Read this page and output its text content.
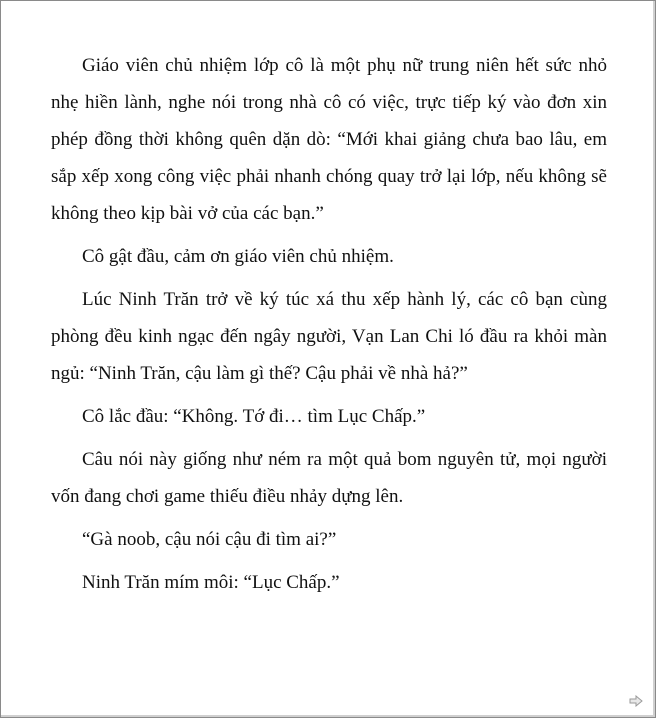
Giáo viên chủ nhiệm lớp cô là một phụ nữ trung niên hết sức nhỏ nhẹ hiền lành, nghe nói trong nhà cô có việc, trực tiếp ký vào đơn xin phép đồng thời không quên dặn dò: “Mới khai giảng chưa bao lâu, em sắp xếp xong công việc phải nhanh chóng quay trở lại lớp, nếu không sẽ không theo kịp bài vở của các bạn.”

Cô gật đầu, cảm ơn giáo viên chủ nhiệm.

Lúc Ninh Trăn trở về ký túc xá thu xếp hành lý, các cô bạn cùng phòng đều kinh ngạc đến ngây người, Vạn Lan Chi ló đầu ra khỏi màn ngủ: “Ninh Trăn, cậu làm gì thế? Cậu phải về nhà hả?”

Cô lắc đầu: “Không. Tớ đi… tìm Lục Chấp.”

Câu nói này giống như ném ra một quả bom nguyên tử, mọi người vốn đang chơi game thiếu điều nhảy dựng lên.

“Gà noob, cậu nói cậu đi tìm ai?”

Ninh Trăn mím môi: “Lục Chấp.”
